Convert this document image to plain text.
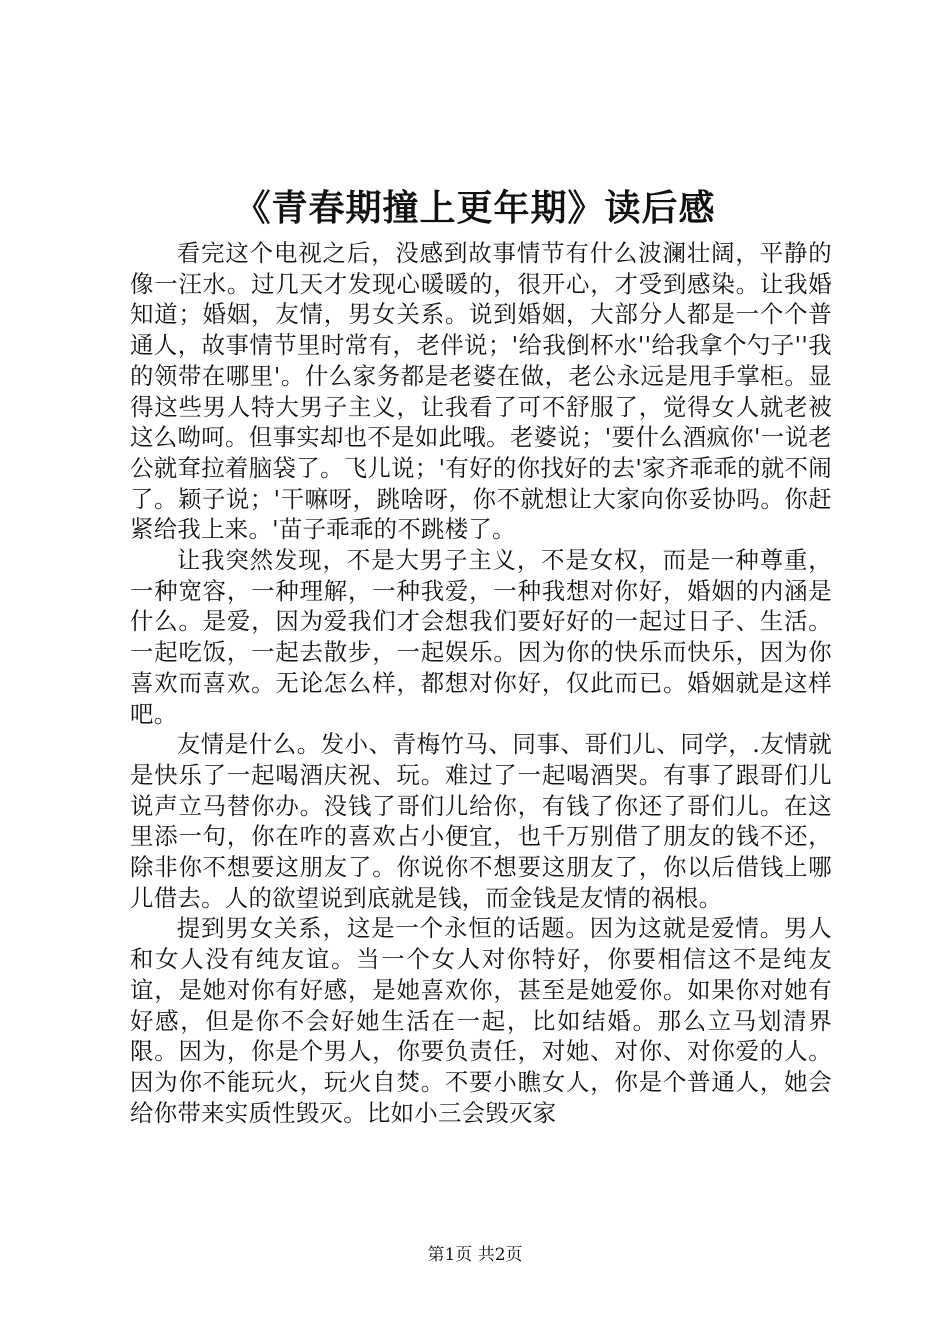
《青春期撞上更年期》读后感

看完这个电视之后，没感到故事情节有什么波澜壮阔，平静的像一汪水。过几天才发现心暖暖的，很开心，才受到感染。让我婚知道；婚姻，友情，男女关系。说到婚姻，大部分人都是一个个普通人，故事情节里时常有，老伴说；'给我倒杯水''给我拿个勺子''我的领带在哪里'。什么家务都是老婆在做，老公永远是甩手掌柜。显得这些男人特大男子主义，让我看了可不舒服了，觉得女人就老被这么呦呵。但事实却也不是如此哦。老婆说；'要什么酒疯你'一说老公就耷拉着脑袋了。飞儿说；'有好的你找好的去'家齐乖乖的就不闹了。颖子说；'干嘛呀，跳啥呀，你不就想让大家向你妥协吗。你赶紧给我上来。'苗子乖乖的不跳楼了。

让我突然发现，不是大男子主义，不是女权，而是一种尊重，一种宽容，一种理解，一种我爱，一种我想对你好，婚姻的内涵是什么。是爱，因为爱我们才会想我们要好好的一起过日子、生活。一起吃饭，一起去散步，一起娱乐。因为你的快乐而快乐，因为你喜欢而喜欢。无论怎么样，都想对你好，仅此而已。婚姻就是这样吧。

友情是什么。发小、青梅竹马、同事、哥们儿、同学，.友情就是快乐了一起喝酒庆祝、玩。难过了一起喝酒哭。有事了跟哥们儿说声立马替你办。没钱了哥们儿给你，有钱了你还了哥们儿。在这里添一句，你在咋的喜欢占小便宜，也千万别借了朋友的钱不还，除非你不想要这朋友了。你说你不想要这朋友了，你以后借钱上哪儿借去。人的欲望说到底就是钱，而金钱是友情的祸根。

提到男女关系，这是一个永恒的话题。因为这就是爱情。男人和女人没有纯友谊。当一个女人对你特好，你要相信这不是纯友谊，是她对你有好感，是她喜欢你，甚至是她爱你。如果你对她有好感，但是你不会好她生活在一起，比如结婚。那么立马划清界限。因为，你是个男人，你要负责任，对她、对你、对你爱的人。因为你不能玩火，玩火自焚。不要小瞧女人，你是个普通人，她会给你带来实质性毁灭。比如小三会毁灭家

第1页 共2页
